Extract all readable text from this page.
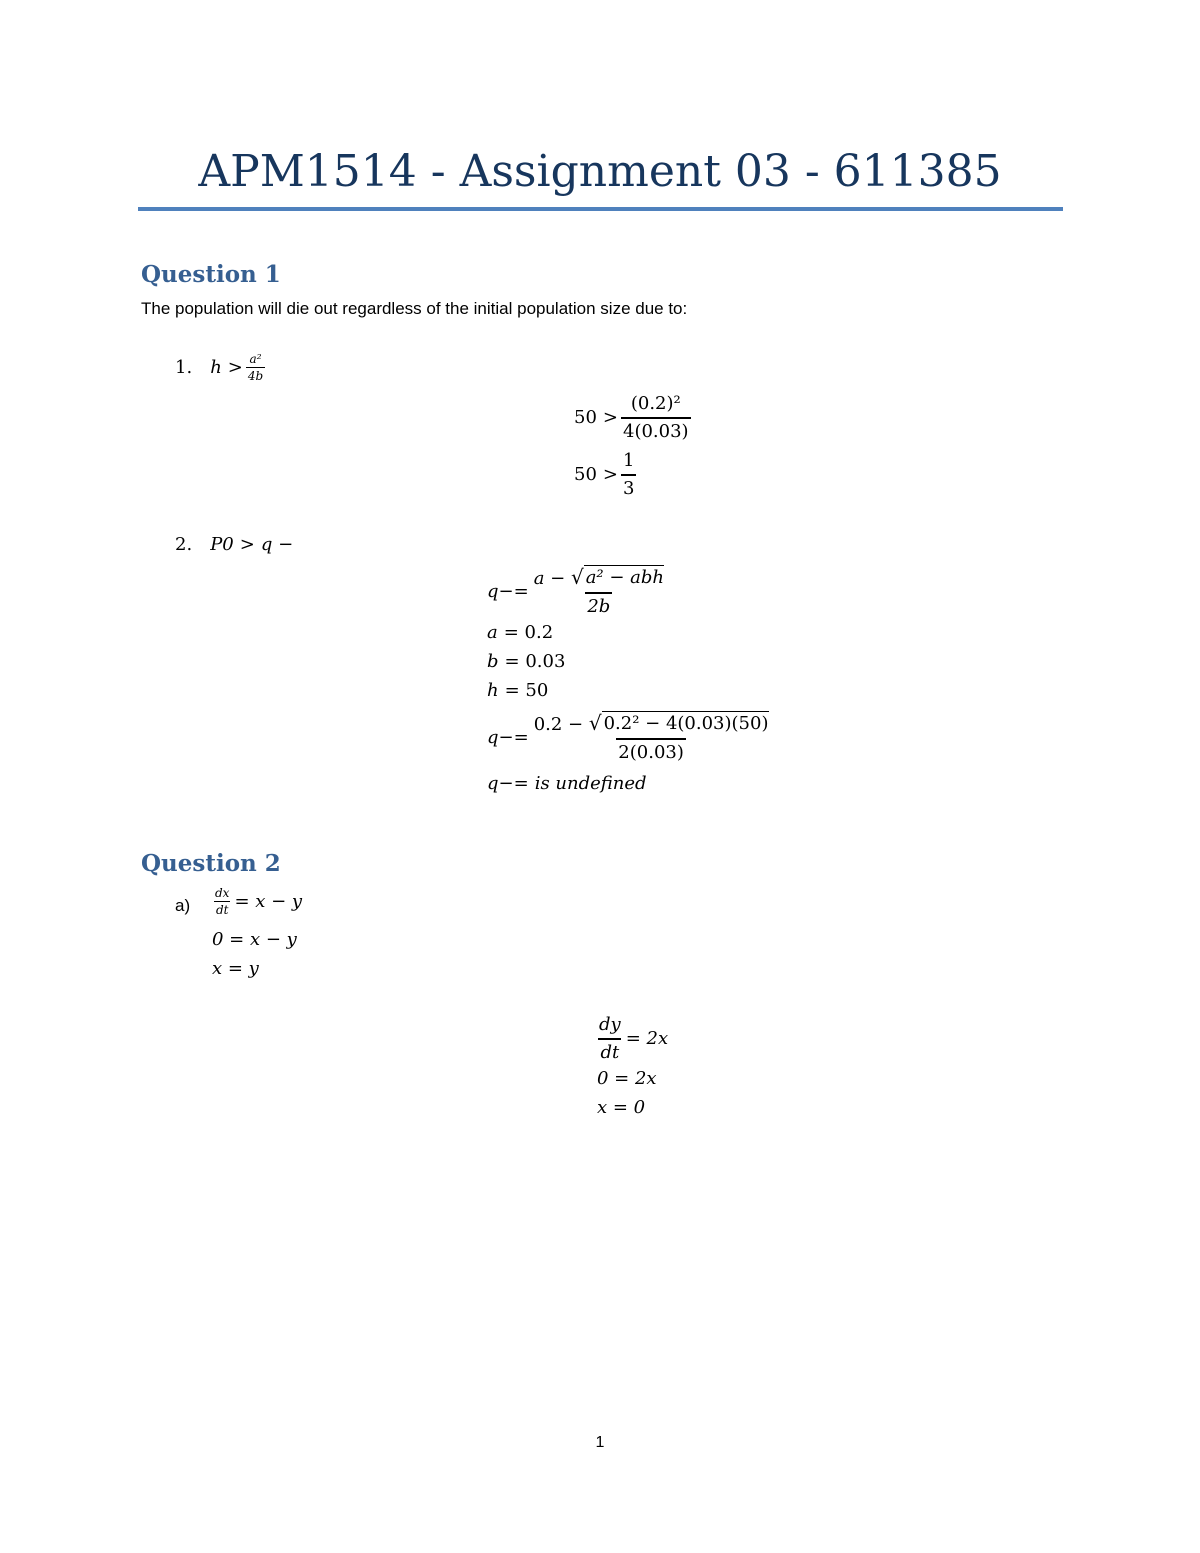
APM1514 - Assignment 03 - 611385
Question 1
The population will die out regardless of the initial population size due to:
1. $h > \frac{\text{a²}}{4b}$
$50 > \frac{\text{(0.2)²}}{4(0.03)}$
$50 > \frac{1}{3}$
2. P0 > q −
$q-= \frac{\text{a − √ a² − abh}}{2b}$
a = 0.2
b = 0.03
h = 50
$q-= \frac{\text{0.2 − √ 0.2² − 4(0.03)(50)}}{2(0.03)}$
q−= is undefined
Question 2
$a) \frac{dx}{dt} = x - y$
0 = x − y
x = y
$\frac{dy}{dt} = 2x$
0 = 2x
x = 0
1
